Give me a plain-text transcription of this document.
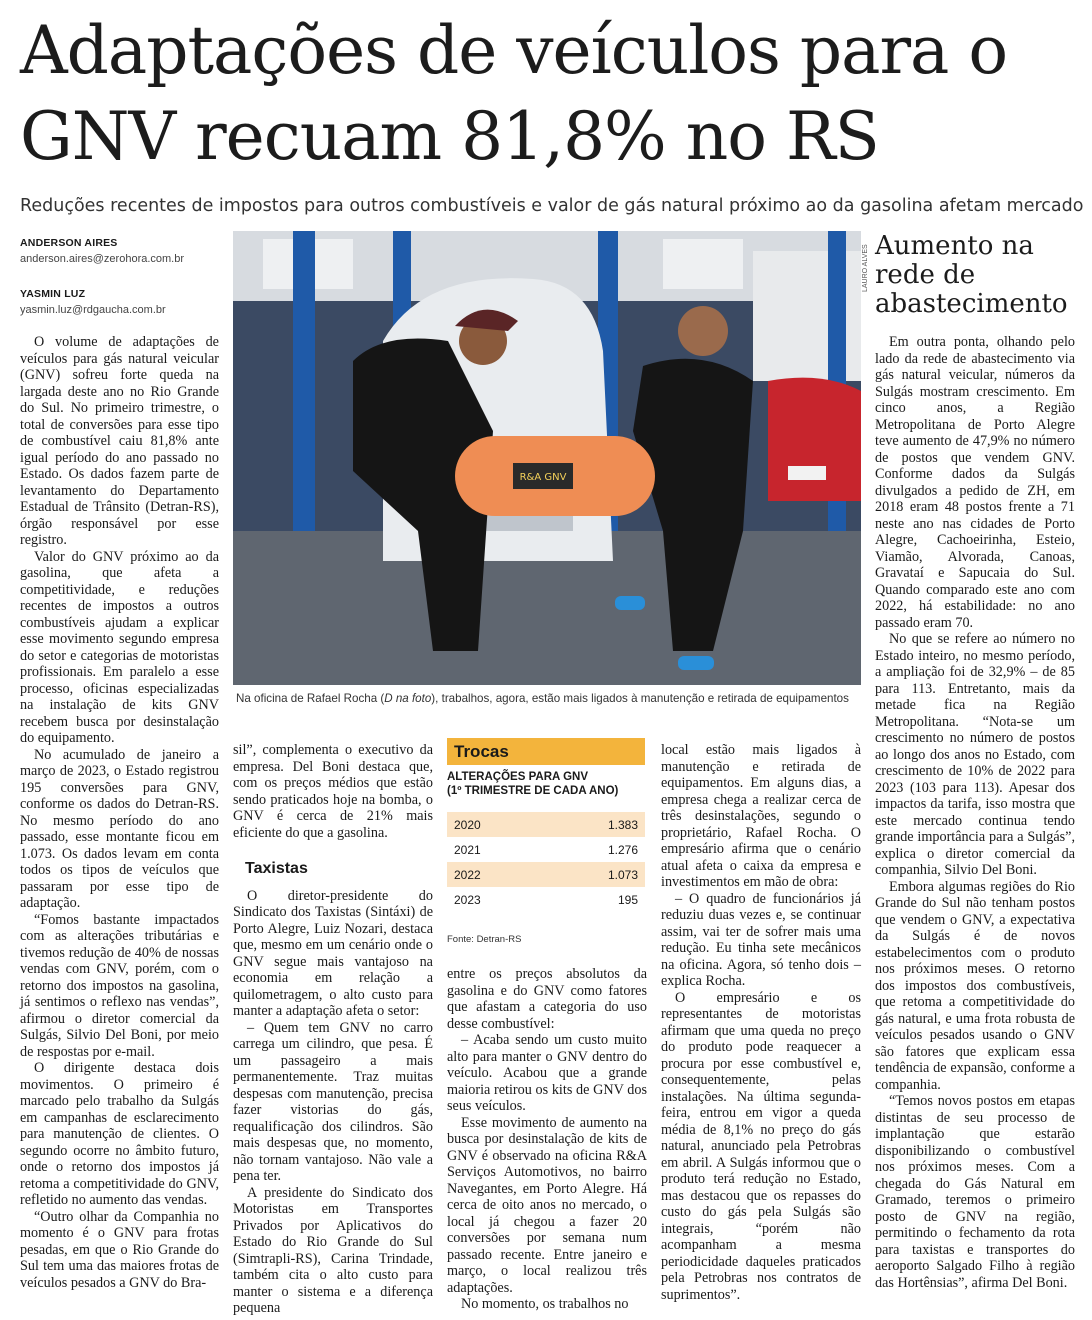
Adaptações de veículos para o GNV recuam 81,8% no RS
Reduções recentes de impostos para outros combustíveis e valor de gás natural próximo ao da gasolina afetam mercado
ANDERSON AIRES
anderson.aires@zerohora.com.br
YASMIN LUZ
yasmin.luz@rdgaucha.com.br

O volume de adaptações de veículos para gás natural veicular (GNV) sofreu forte queda na largada deste ano no Rio Grande do Sul. No primeiro trimestre, o total de conversões para esse tipo de combustível caiu 81,8% ante igual período do ano passado no Estado. Os dados fazem parte de levantamento do Departamento Estadual de Trânsito (Detran-RS), órgão responsável por esse registro.

Valor do GNV próximo ao da gasolina, que afeta a competitividade, e reduções recentes de impostos a outros combustíveis ajudam a explicar esse movimento segundo empresa do setor e categorias de motoristas profissionais. Em paralelo a esse processo, oficinas especializadas na instalação de kits GNV recebem busca por desinstalação do equipamento.

No acumulado de janeiro a março de 2023, o Estado registrou 195 conversões para GNV, conforme os dados do Detran-RS. No mesmo período do ano passado, esse montante ficou em 1.073. Os dados levam em conta todos os tipos de veículos que passaram por esse tipo de adaptação.

“Fomos bastante impactados com as alterações tributárias e tivemos redução de 40% de nossas vendas com GNV, porém, com o retorno dos impostos na gasolina, já sentimos o reflexo nas vendas”, afirmou o diretor comercial da Sulgás, Silvio Del Boni, por meio de respostas por e-mail.

O dirigente destaca dois movimentos. O primeiro é marcado pelo trabalho da Sulgás em campanhas de esclarecimento para manutenção de clientes. O segundo ocorre no âmbito futuro, onde o retorno dos impostos já retoma a competitividade do GNV, refletido no aumento das vendas.

“Outro olhar da Companhia no momento é o GNV para frotas pesadas, em que o Rio Grande do Sul tem uma das maiores frotas de veículos pesados a GNV do Bra-

R&A GNV
LAURO ALVES
Na oficina de Rafael Rocha (D na foto), trabalhos, agora, estão mais ligados à manutenção e retirada de equipamentos

sil”, complementa o executivo da empresa. Del Boni destaca que, com os preços médios que estão sendo praticados hoje na bomba, o GNV é cerca de 21% mais eficiente do que a gasolina.

Taxistas

O diretor-presidente do Sindicato dos Taxistas (Sintáxi) de Porto Alegre, Luiz Nozari, destaca que, mesmo em um cenário onde o GNV segue mais vantajoso na economia em relação a quilometragem, o alto custo para manter a adaptação afeta o setor:

– Quem tem GNV no carro carrega um cilindro, que pesa. É um passageiro a mais permanentemente. Traz muitas despesas com manutenção, precisa fazer vistorias do gás, requalificação dos cilindros. São mais despesas que, no momento, não tornam vantajoso. Não vale a pena ter.

A presidente do Sindicato dos Motoristas em Transportes Privados por Aplicativos do Estado do Rio Grande do Sul (Simtrapli-RS), Carina Trindade, também cita o alto custo para manter o sistema e a diferença pequena

Trocas
ALTERAÇÕES PARA GNV
(1º TRIMESTRE DE CADA ANO)
2020	1.383
2021	1.276
2022	1.073
2023	195
Fonte: Detran-RS

entre os preços absolutos da gasolina e do GNV como fatores que afastam a categoria do uso desse combustível:

– Acaba sendo um custo muito alto para manter o GNV dentro do veículo. Acabou que a grande maioria retirou os kits de GNV dos seus veículos.

Esse movimento de aumento na busca por desinstalação de kits de GNV é observado na oficina R&A Serviços Automotivos, no bairro Navegantes, em Porto Alegre. Há cerca de oito anos no mercado, o local já chegou a fazer 20 conversões por semana num passado recente. Entre janeiro e março, o local realizou três adaptações.

No momento, os trabalhos no

local estão mais ligados à manutenção e retirada de equipamentos. Em alguns dias, a empresa chega a realizar cerca de três desinstalações, segundo o proprietário, Rafael Rocha. O empresário afirma que o cenário atual afeta o caixa da empresa e investimentos em mão de obra:

– O quadro de funcionários já reduziu duas vezes e, se continuar assim, vai ter de sofrer mais uma redução. Eu tinha sete mecânicos na oficina. Agora, só tenho dois – explica Rocha.

O empresário e os representantes de motoristas afirmam que uma queda no preço do produto pode reaquecer a procura por esse combustível e, consequentemente, pelas instalações. Na última segunda-feira, entrou em vigor a queda média de 8,1% no preço do gás natural, anunciado pela Petrobras em abril. A Sulgás informou que o produto terá redução no Estado, mas destacou que os repasses do custo do gás pela Sulgás são integrais, “porém não acompanham a mesma periodicidade daqueles praticados pela Petrobras nos contratos de suprimentos”.

Aumento na rede de abastecimento

Em outra ponta, olhando pelo lado da rede de abastecimento via gás natural veicular, números da Sulgás mostram crescimento. Em cinco anos, a Região Metropolitana de Porto Alegre teve aumento de 47,9% no número de postos que vendem GNV. Conforme dados da Sulgás divulgados a pedido de ZH, em 2018 eram 48 postos frente a 71 neste ano nas cidades de Porto Alegre, Cachoeirinha, Esteio, Viamão, Alvorada, Canoas, Gravataí e Sapucaia do Sul. Quando comparado este ano com 2022, há estabilidade: no ano passado eram 70.

No que se refere ao número no Estado inteiro, no mesmo período, a ampliação foi de 32,9% – de 85 para 113. Entretanto, mais da metade fica na Região Metropolitana. “Nota-se um crescimento no número de postos ao longo dos anos no Estado, com crescimento de 10% de 2022 para 2023 (103 para 113). Apesar dos impactos da tarifa, isso mostra que este mercado continua tendo grande importância para a Sulgás”, explica o diretor comercial da companhia, Silvio Del Boni.

Embora algumas regiões do Rio Grande do Sul não tenham postos que vendem o GNV, a expectativa da Sulgás é de novos estabelecimentos com o produto nos próximos meses. O retorno dos impostos dos combustíveis, que retoma a competitividade do gás natural, e uma frota robusta de veículos pesados usando o GNV são fatores que explicam essa tendência de expansão, conforme a companhia.

“Temos novos postos em etapas distintas de seu processo de implantação que estarão disponibilizando o combustível nos próximos meses. Com a chegada do Gás Natural em Gramado, teremos o primeiro posto de GNV na região, permitindo o fechamento da rota para taxistas e transportes do aeroporto Salgado Filho à região das Hortênsias”, afirma Del Boni.
